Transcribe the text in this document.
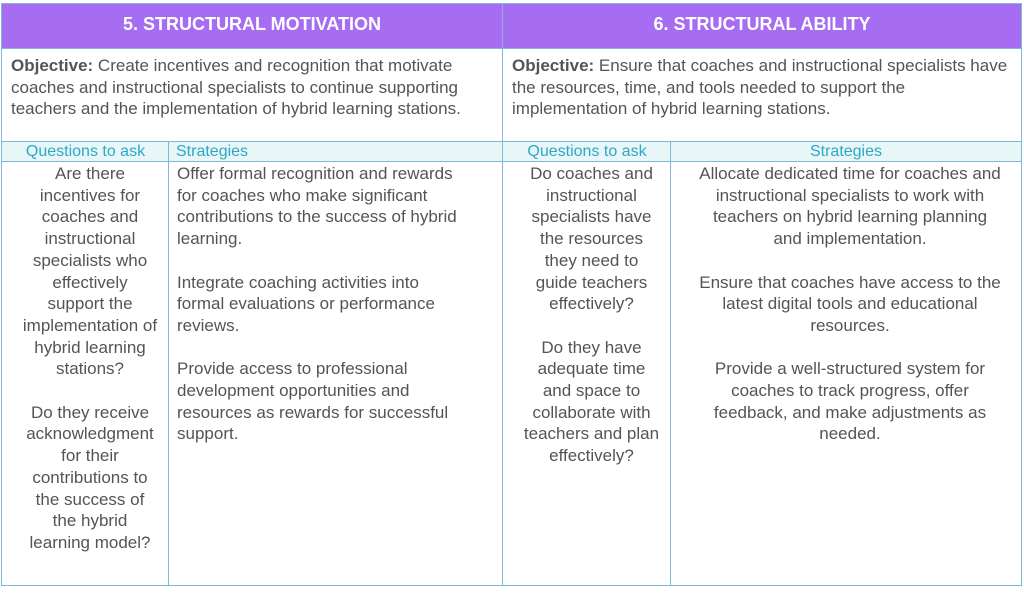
5. STRUCTURAL MOTIVATION
Objective: Create incentives and recognition that motivate coaches and instructional specialists to continue supporting teachers and the implementation of hybrid learning stations.
Questions to ask	Strategies

Are there
incentives for
coaches and
instructional
specialists who
effectively
support the
implementation of
hybrid learning
stations?

Do they receive
acknowledgment
for their
contributions to
the success of
the hybrid
learning model?

Offer formal recognition and rewards
for coaches who make significant
contributions to the success of hybrid
learning.

Integrate coaching activities into
formal evaluations or performance
reviews.

Provide access to professional
development opportunities and
resources as rewards for successful
support.

6. STRUCTURAL ABILITY
Objective: Ensure that coaches and instructional specialists have the resources, time, and tools needed to support the implementation of hybrid learning stations.
Questions to ask	Strategies

Do coaches and
instructional
specialists have
the resources
they need to
guide teachers
effectively?

Do they have
adequate time
and space to
collaborate with
teachers and plan
effectively?

Allocate dedicated time for coaches and
instructional specialists to work with
teachers on hybrid learning planning
and implementation.

Ensure that coaches have access to the
latest digital tools and educational
resources.

Provide a well-structured system for
coaches to track progress, offer
feedback, and make adjustments as
needed.
